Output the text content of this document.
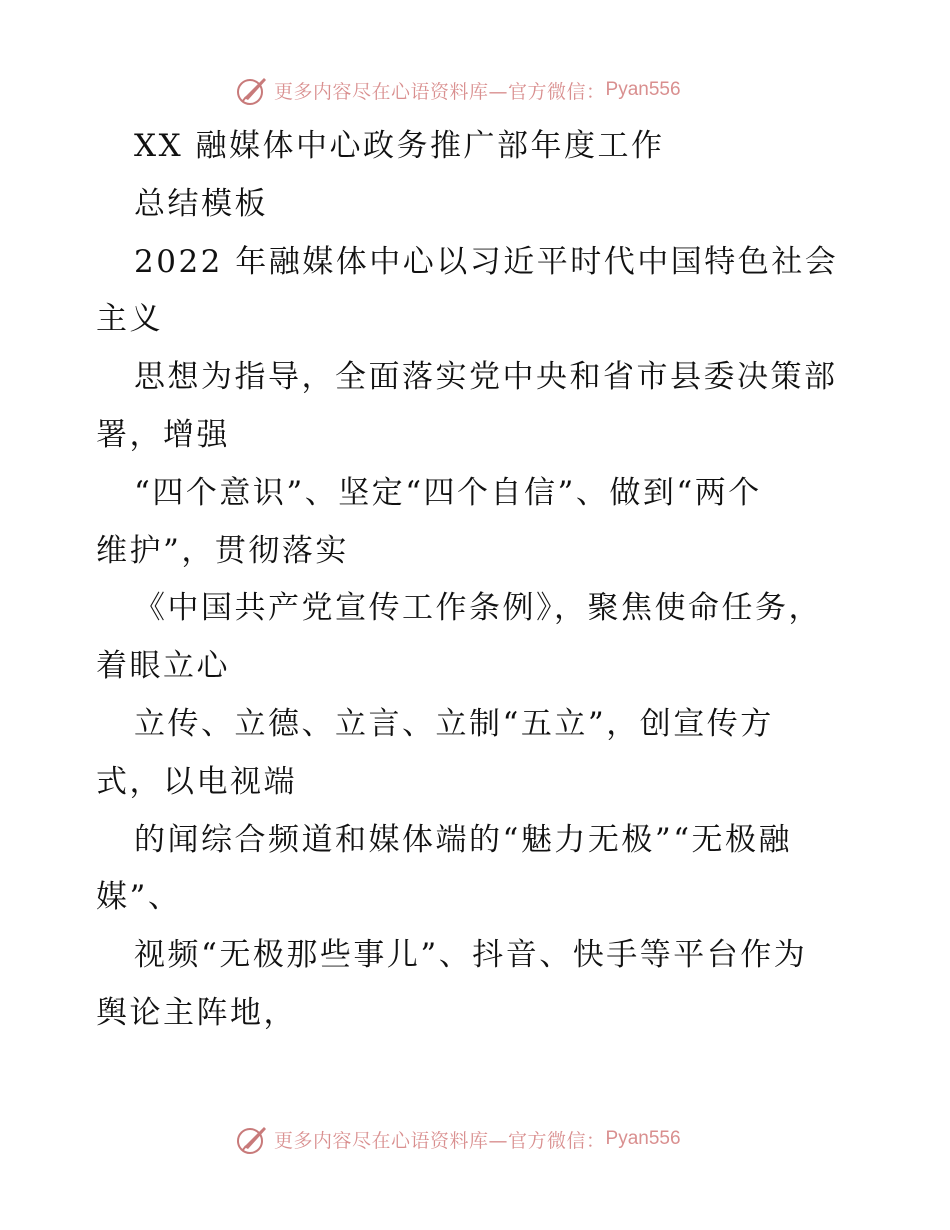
更多内容尽在心语资料库—官方微信： Pyan556
XX 融媒体中心政务推广部年度工作
总结模板
2022 年融媒体中心以习近平时代中国特色社会
主义
思想为指导，全面落实党中央和省市县委决策部
署，增强
“四个意识”、坚定“四个自信”、做到“两个
维护”，贯彻落实
《中国共产党宣传工作条例》，聚焦使命任务，
着眼立心
立传、立德、立言、立制“五立”，创宣传方
式，以电视端
的闻综合频道和媒体端的“魅力无极”“无极融
媒”、
视频“无极那些事儿”、抖音、快手等平台作为
舆论主阵地，
更多内容尽在心语资料库—官方微信： Pyan556
